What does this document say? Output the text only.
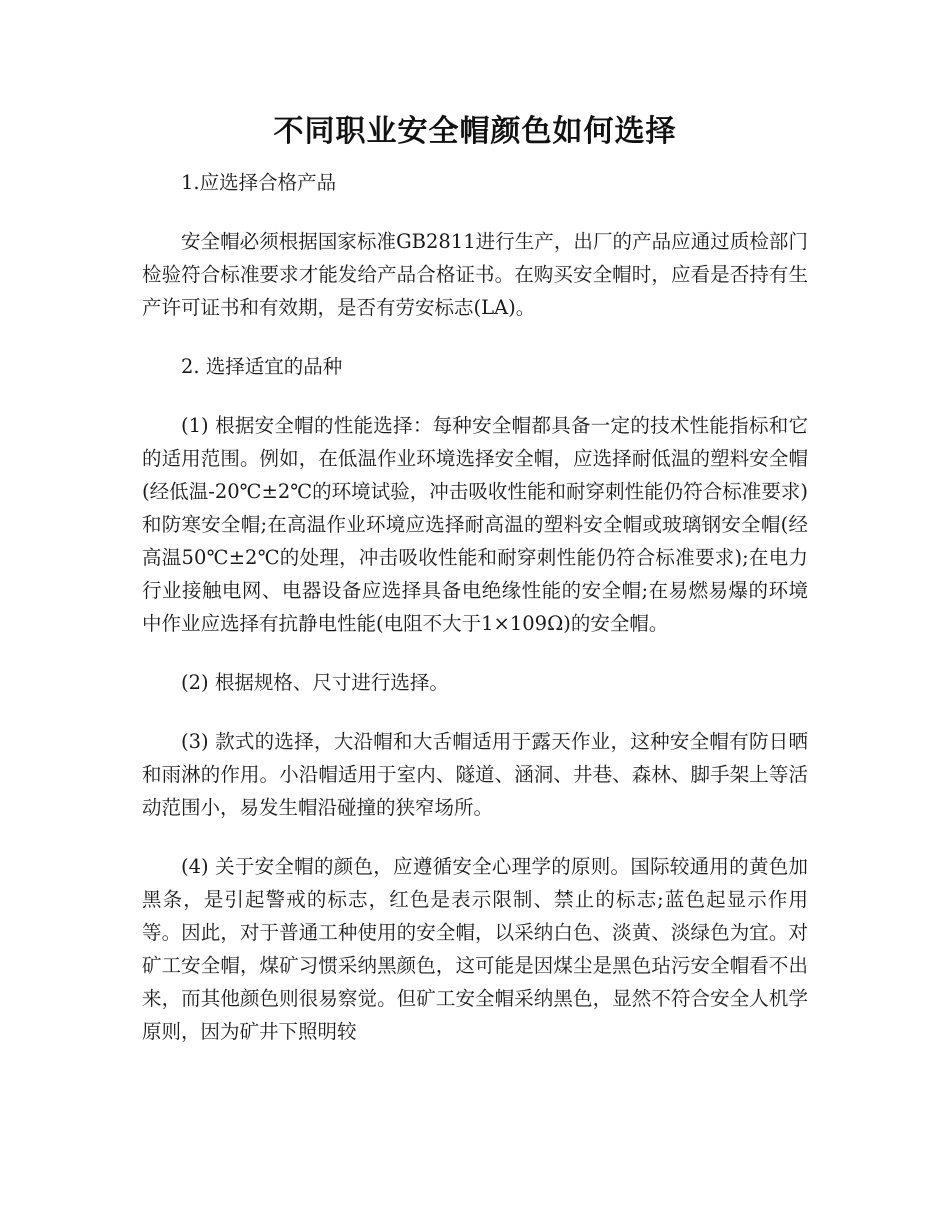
不同职业安全帽颜色如何选择

1.应选择合格产品

安全帽必须根据国家标准GB2811进行生产，出厂的产品应通过质检部门检验符合标准要求才能发给产品合格证书。在购买安全帽时，应看是否持有生产许可证书和有效期，是否有劳安标志(LA)。

2. 选择适宜的品种

(1) 根据安全帽的性能选择：每种安全帽都具备一定的技术性能指标和它的适用范围。例如，在低温作业环境选择安全帽，应选择耐低温的塑料安全帽(经低温-20℃±2℃的环境试验，冲击吸收性能和耐穿刺性能仍符合标准要求)和防寒安全帽;在高温作业环境应选择耐高温的塑料安全帽或玻璃钢安全帽(经高温50℃±2℃的处理，冲击吸收性能和耐穿刺性能仍符合标准要求);在电力行业接触电网、电器设备应选择具备电绝缘性能的安全帽;在易燃易爆的环境中作业应选择有抗静电性能(电阻不大于1×109Ω)的安全帽。

(2) 根据规格、尺寸进行选择。

(3) 款式的选择，大沿帽和大舌帽适用于露天作业，这种安全帽有防日晒和雨淋的作用。小沿帽适用于室内、隧道、涵洞、井巷、森林、脚手架上等活动范围小，易发生帽沿碰撞的狭窄场所。

(4) 关于安全帽的颜色，应遵循安全心理学的原则。国际较通用的黄色加黑条，是引起警戒的标志，红色是表示限制、禁止的标志;蓝色起显示作用等。因此，对于普通工种使用的安全帽，以采纳白色、淡黄、淡绿色为宜。对矿工安全帽，煤矿习惯采纳黑颜色，这可能是因煤尘是黑色玷污安全帽看不出来，而其他颜色则很易察觉。但矿工安全帽采纳黑色，显然不符合安全人机学原则，因为矿井下照明较
